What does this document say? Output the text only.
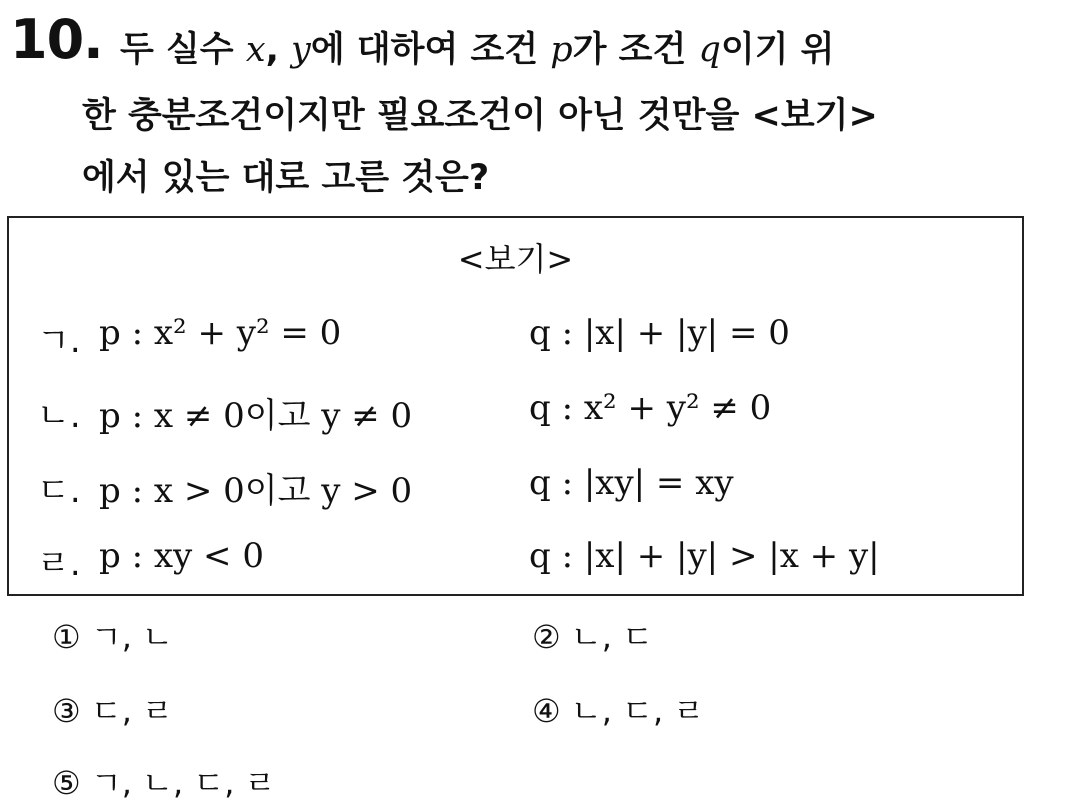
10. 두 실수 x, y에 대하여 조건 p가 조건 q이기 위
한 충분조건이지만 필요조건이 아닌 것만을 <보기>
에서 있는 대로 고른 것은?
<보기>
ㄱ. p : x² + y² = 0	q : |x| + |y| = 0
ㄴ. p : x ≠ 0이고 y ≠ 0	q : x² + y² ≠ 0
ㄷ. p : x > 0이고 y > 0	q : |xy| = xy
ㄹ. p : xy < 0	q : |x| + |y| > |x + y|
① ㄱ, ㄴ	② ㄴ, ㄷ
③ ㄷ, ㄹ	④ ㄴ, ㄷ, ㄹ
⑤ ㄱ, ㄴ, ㄷ, ㄹ
